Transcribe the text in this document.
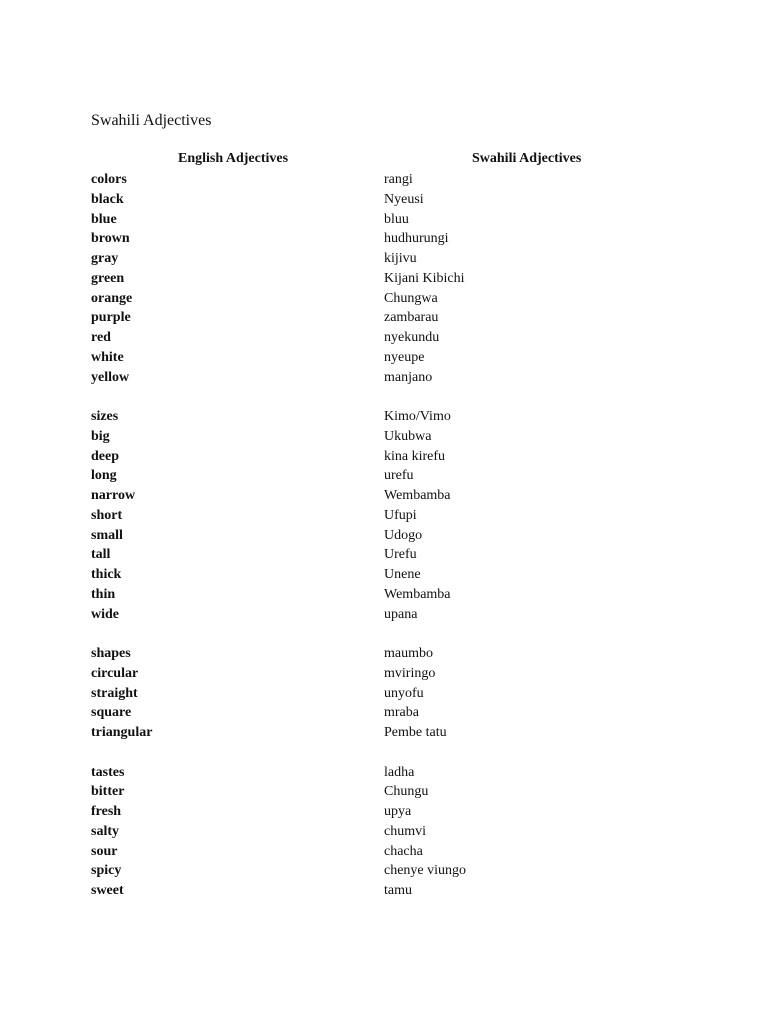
Swahili Adjectives
English Adjectives	Swahili Adjectives
colors	rangi
black	Nyeusi
blue	bluu
brown	hudhurungi
gray	kijivu
green	Kijani Kibichi
orange	Chungwa
purple	zambarau
red	nyekundu
white	nyeupe
yellow	manjano
sizes	Kimo/Vimo
big	Ukubwa
deep	kina kirefu
long	urefu
narrow	Wembamba
short	Ufupi
small	Udogo
tall	Urefu
thick	Unene
thin	Wembamba
wide	upana
shapes	maumbo
circular	mviringo
straight	unyofu
square	mraba
triangular	Pembe tatu
tastes	ladha
bitter	Chungu
fresh	upya
salty	chumvi
sour	chacha
spicy	chenye viungo
sweet	tamu
